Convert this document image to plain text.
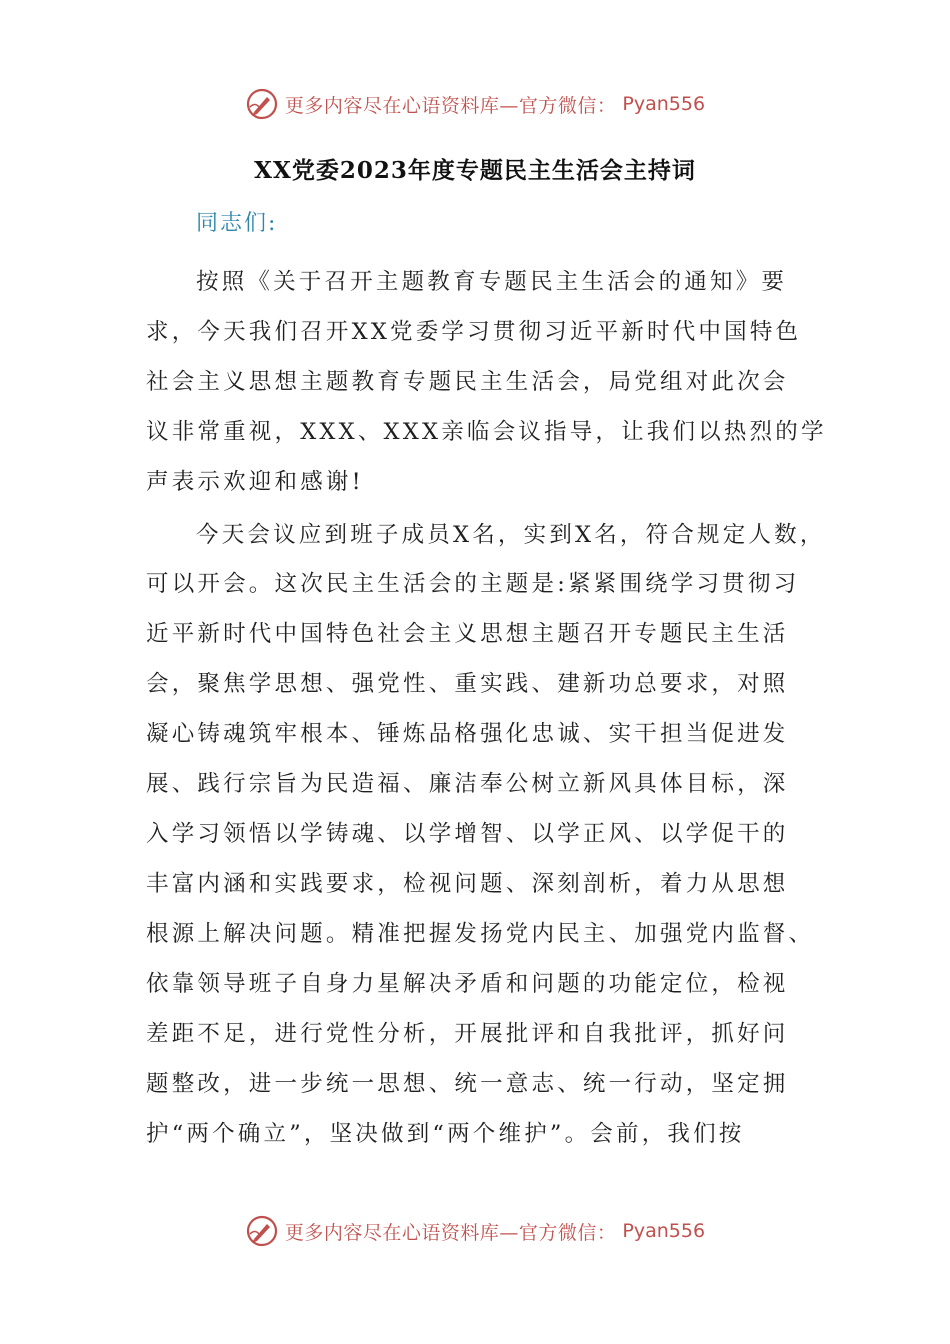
更多内容尽在心语资料库—官方微信： Pyan556
XX党委2023年度专题民主生活会主持词
同志们:
按照《关于召开主题教育专题民主生活会的通知》要
求，今天我们召开XX党委学习贯彻习近平新时代中国特色
社会主义思想主题教育专题民主生活会，局党组对此次会
议非常重视，XXX、XXX亲临会议指导，让我们以热烈的学
声表示欢迎和感谢!
今天会议应到班子成员X名，实到X名，符合规定人数，
可以开会。这次民主生活会的主题是:紧紧围绕学习贯彻习
近平新时代中国特色社会主义思想主题召开专题民主生活
会，聚焦学思想、强党性、重实践、建新功总要求，对照
凝心铸魂筑牢根本、锤炼品格强化忠诚、实干担当促进发
展、践行宗旨为民造福、廉洁奉公树立新风具体目标，深
入学习领悟以学铸魂、以学增智、以学正风、以学促干的
丰富内涵和实践要求，检视问题、深刻剖析，着力从思想
根源上解决问题。精准把握发扬党内民主、加强党内监督、
依靠领导班子自身力星解决矛盾和问题的功能定位，检视
差距不足，进行党性分析，开展批评和自我批评，抓好问
题整改，进一步统一思想、统一意志、统一行动，坚定拥
护“两个确立”，坚决做到“两个维护”。会前，我们按
更多内容尽在心语资料库—官方微信： Pyan556
